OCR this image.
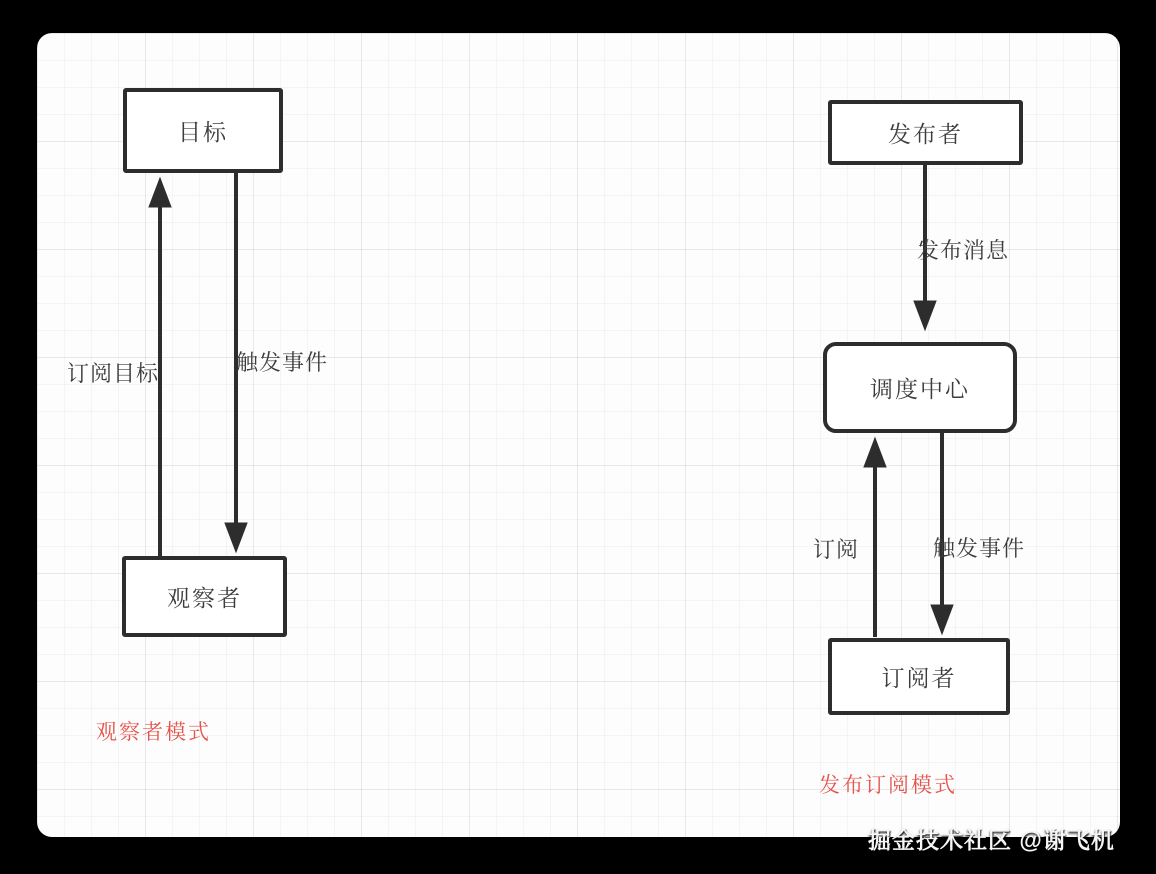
目标
观察者
订阅目标	触发事件
观察者模式
发布者
调度中心
订阅者
发布消息
订阅	触发事件
发布订阅模式
掘金技术社区 @谢飞机
